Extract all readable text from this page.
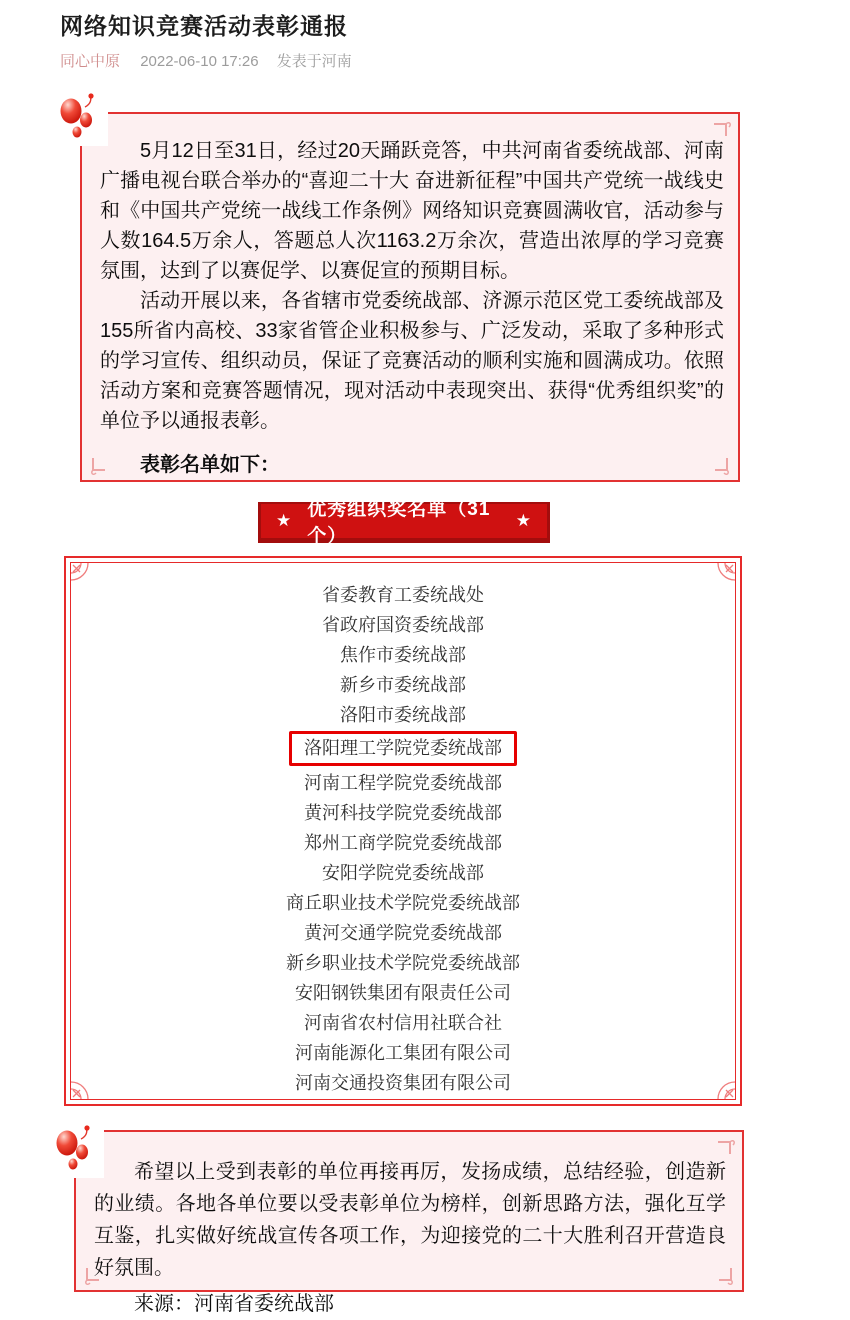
网络知识竞赛活动表彰通报
同心中原 2022-06-10 17:26 发表于河南

5月12日至31日，经过20天踊跃竞答，中共河南省委统战部、河南广播电视台联合举办的“喜迎二十大 奋进新征程”中国共产党统一战线史和《中国共产党统一战线工作条例》网络知识竞赛圆满收官，活动参与人数164.5万余人，答题总人次1163.2万余次，营造出浓厚的学习竞赛氛围，达到了以赛促学、以赛促宣的预期目标。

活动开展以来，各省辖市党委统战部、济源示范区党工委统战部及155所省内高校、33家省管企业积极参与、广泛发动，采取了多种形式的学习宣传、组织动员，保证了竞赛活动的顺利实施和圆满成功。依照活动方案和竞赛答题情况，现对活动中表现突出、获得“优秀组织奖”的单位予以通报表彰。

表彰名单如下：

★
优秀组织奖名单（31个）
★
省委教育工委统战处
省政府国资委统战部
焦作市委统战部
新乡市委统战部
洛阳市委统战部
洛阳理工学院党委统战部
河南工程学院党委统战部
黄河科技学院党委统战部
郑州工商学院党委统战部
安阳学院党委统战部
商丘职业技术学院党委统战部
黄河交通学院党委统战部
新乡职业技术学院党委统战部
安阳钢铁集团有限责任公司
河南省农村信用社联合社
河南能源化工集团有限公司
河南交通投资集团有限公司

希望以上受到表彰的单位再接再厉，发扬成绩，总结经验，创造新的业绩。各地各单位要以受表彰单位为榜样，创新思路方法，强化互学互鉴，扎实做好统战宣传各项工作，为迎接党的二十大胜利召开营造良好氛围。

来源：河南省委统战部
